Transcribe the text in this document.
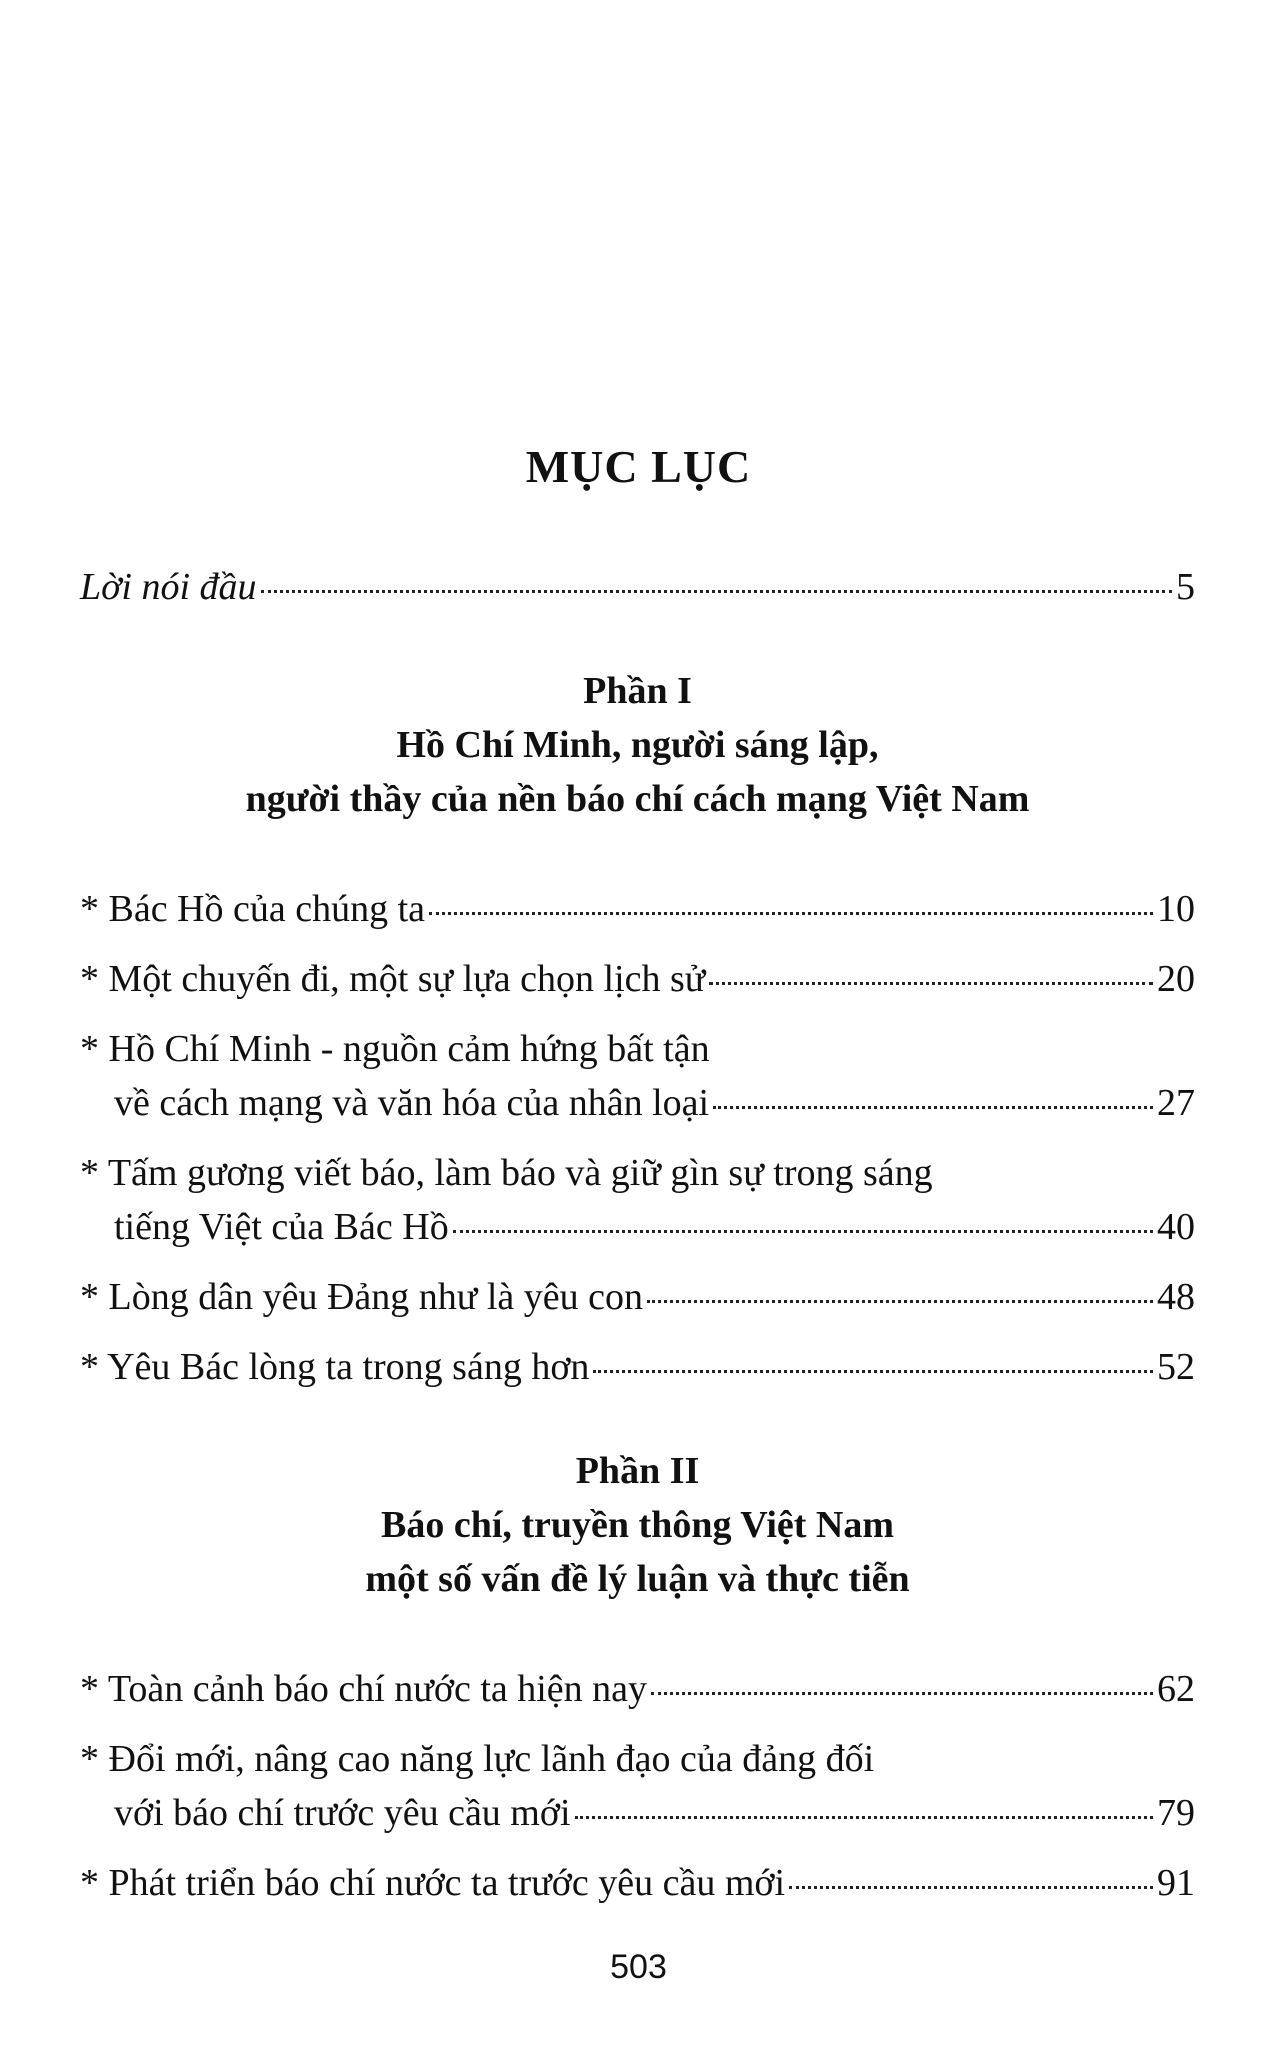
MỤC LỤC
Lời nói đầu	5
Phần I
Hồ Chí Minh, người sáng lập,
người thầy của nền báo chí cách mạng Việt Nam
* Bác Hồ của chúng ta	10
* Một chuyến đi, một sự lựa chọn lịch sử	20
* Hồ Chí Minh - nguồn cảm hứng bất tận
về cách mạng và văn hóa của nhân loại	27
* Tấm gương viết báo, làm báo và giữ gìn sự trong sáng
tiếng Việt của Bác Hồ	40
* Lòng dân yêu Đảng như là yêu con	48
* Yêu Bác lòng ta trong sáng hơn	52
Phần II
Báo chí, truyền thông Việt Nam
một số vấn đề lý luận và thực tiễn
* Toàn cảnh báo chí nước ta hiện nay	62
* Đổi mới, nâng cao năng lực lãnh đạo của đảng đối
với báo chí trước yêu cầu mới	79
* Phát triển báo chí nước ta trước yêu cầu mới	91
503
